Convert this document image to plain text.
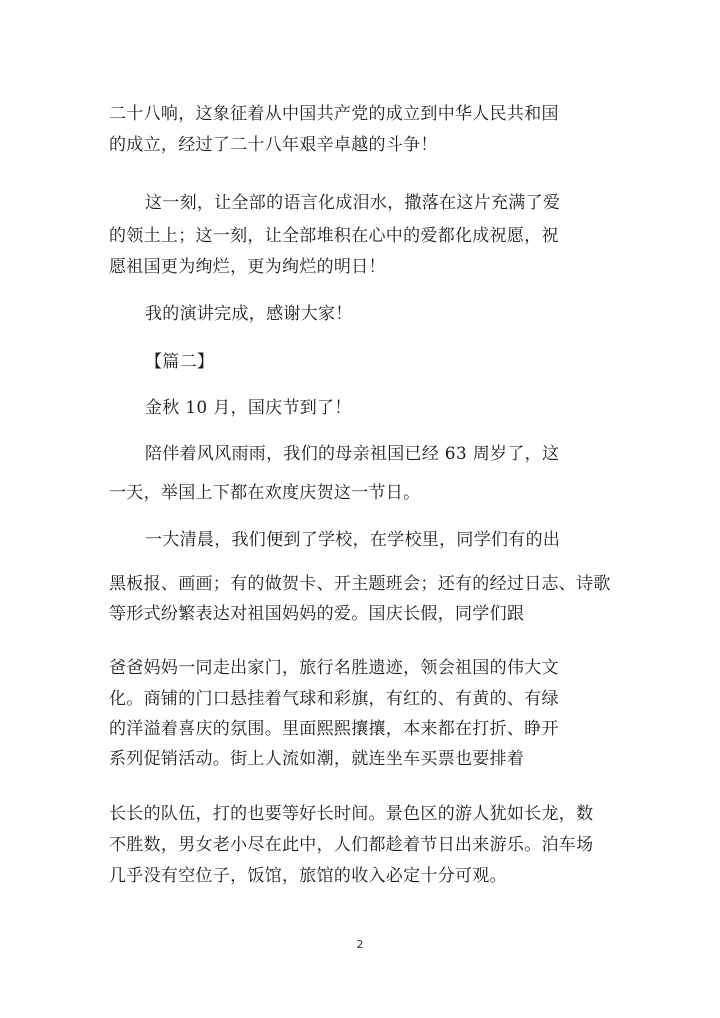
二十八响，这象征着从中国共产党的成立到中华人民共和国
的成立，经过了二十八年艰辛卓越的斗争！
这一刻，让全部的语言化成泪水，撒落在这片充满了爱
的领土上；这一刻，让全部堆积在心中的爱都化成祝愿，祝
愿祖国更为绚烂，更为绚烂的明日！
我的演讲完成，感谢大家！
【篇二】
金秋 10 月，国庆节到了！
陪伴着风风雨雨，我们的母亲祖国已经 63 周岁了，这
一天，举国上下都在欢度庆贺这一节日。
一大清晨，我们便到了学校，在学校里，同学们有的出
黑板报、画画；有的做贺卡、开主题班会；还有的经过日志、诗歌
等形式纷繁表达对祖国妈妈的爱。国庆长假，同学们跟
爸爸妈妈一同走出家门，旅行名胜遗迹，领会祖国的伟大文
化。商铺的门口悬挂着气球和彩旗，有红的、有黄的、有绿
的洋溢着喜庆的氛围。里面熙熙攘攘，本来都在打折、睁开
系列促销活动。街上人流如潮，就连坐车买票也要排着
长长的队伍，打的也要等好长时间。景色区的游人犹如长龙，数
不胜数，男女老小尽在此中，人们都趁着节日出来游乐。泊车场
几乎没有空位子，饭馆，旅馆的收入必定十分可观。
2
